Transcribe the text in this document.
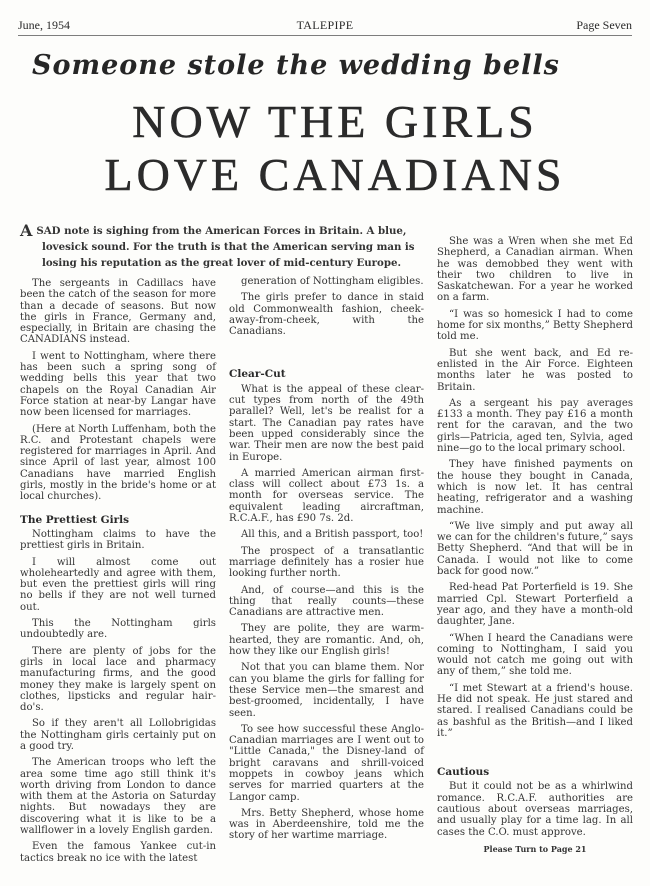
June, 1954	TALEPIPE	Page Seven
Someone stole the wedding bells
NOW THE GIRLS
LOVE CANADIANS
ASAD note is sighing from the American Forces in Britain. A blue,
lovesick sound. For the truth is that the American serving man is losing his reputation as the great lover of mid-century Europe.

The sergeants in Cadillacs have been the catch of the season for more than a decade of seasons. But now the girls in France, Germany and, especially, in Britain are chasing the CANADIANS instead.

I went to Nottingham, where there has been such a spring song of wedding bells this year that two chapels on the Royal Canadian Air Force station at near-by Langar have now been licensed for marriages.

(Here at North Luffenham, both the R.C. and Protestant chapels were registered for marriages in April. And since April of last year, almost 100 Canadians have married English girls, mostly in the bride's home or at local churches).

The Prettiest Girls

Nottingham claims to have the prettiest girls in Britain.

I will almost come out wholeheartedly and agree with them, but even the prettiest girls will ring no bells if they are not well turned out.

This the Nottingham girls undoubtedly are.

There are plenty of jobs for the girls in local lace and pharmacy manufacturing firms, and the good money they make is largely spent on clothes, lipsticks and regular hair-do's.

So if they aren't all Lollobrigidas the Nottingham girls certainly put on a good try.

The American troops who left the area some time ago still think it's worth driving from London to dance with them at the Astoria on Saturday nights. But nowadays they are discovering what it is like to be a wallflower in a lovely English garden.

Even the famous Yankee cut-in tactics break no ice with the latest

generation of Nottingham eligibles.

The girls prefer to dance in staid old Commonwealth fashion, cheek-away-from-cheek, with the Canadians.

Clear-Cut

What is the appeal of these clear-cut types from north of the 49th parallel? Well, let's be realist for a start. The Canadian pay rates have been upped considerably since the war. Their men are now the best paid in Europe.

A married American airman first-class will collect about £73 1s. a month for overseas service. The equivalent leading aircraftman, R.C.A.F., has £90 7s. 2d.

All this, and a British passport, too!

The prospect of a transatlantic marriage definitely has a rosier hue looking further north.

And, of course—and this is the thing that really counts—these Canadians are attractive men.

They are polite, they are warm-hearted, they are romantic. And, oh, how they like our English girls!

Not that you can blame them. Nor can you blame the girls for falling for these Service men—the smarest and best-groomed, incidentally, I have seen.

To see how successful these Anglo-Canadian marriages are I went out to "Little Canada," the Disney-land of bright caravans and shrill-voiced moppets in cowboy jeans which serves for married quarters at the Langor camp.

Mrs. Betty Shepherd, whose home was in Aberdeenshire, told me the story of her wartime marriage.

She was a Wren when she met Ed Shepherd, a Canadian airman. When he was demobbed they went with their two children to live in Saskatchewan. For a year he worked on a farm.

“I was so homesick I had to come home for six months,” Betty Shepherd told me.

But she went back, and Ed re-enlisted in the Air Force. Eighteen months later he was posted to Britain.

As a sergeant his pay averages £133 a month. They pay £16 a month rent for the caravan, and the two girls—Patricia, aged ten, Sylvia, aged nine—go to the local primary school.

They have finished payments on the house they bought in Canada, which is now let. It has central heating, refrigerator and a washing machine.

“We live simply and put away all we can for the children's future,” says Betty Shepherd. “And that will be in Canada. I would not like to come back for good now.”

Red-head Pat Porterfield is 19. She married Cpl. Stewart Porterfield a year ago, and they have a month-old daughter, Jane.

“When I heard the Canadians were coming to Nottingham, I said you would not catch me going out with any of them,” she told me.

“I met Stewart at a friend's house. He did not speak. He just stared and stared. I realised Canadians could be as bashful as the British—and I liked it.”

Cautious

But it could not be as a whirlwind romance. R.C.A.F. authorities are cautious about overseas marriages, and usually play for a time lag. In all cases the C.O. must approve.

Please Turn to Page 21
